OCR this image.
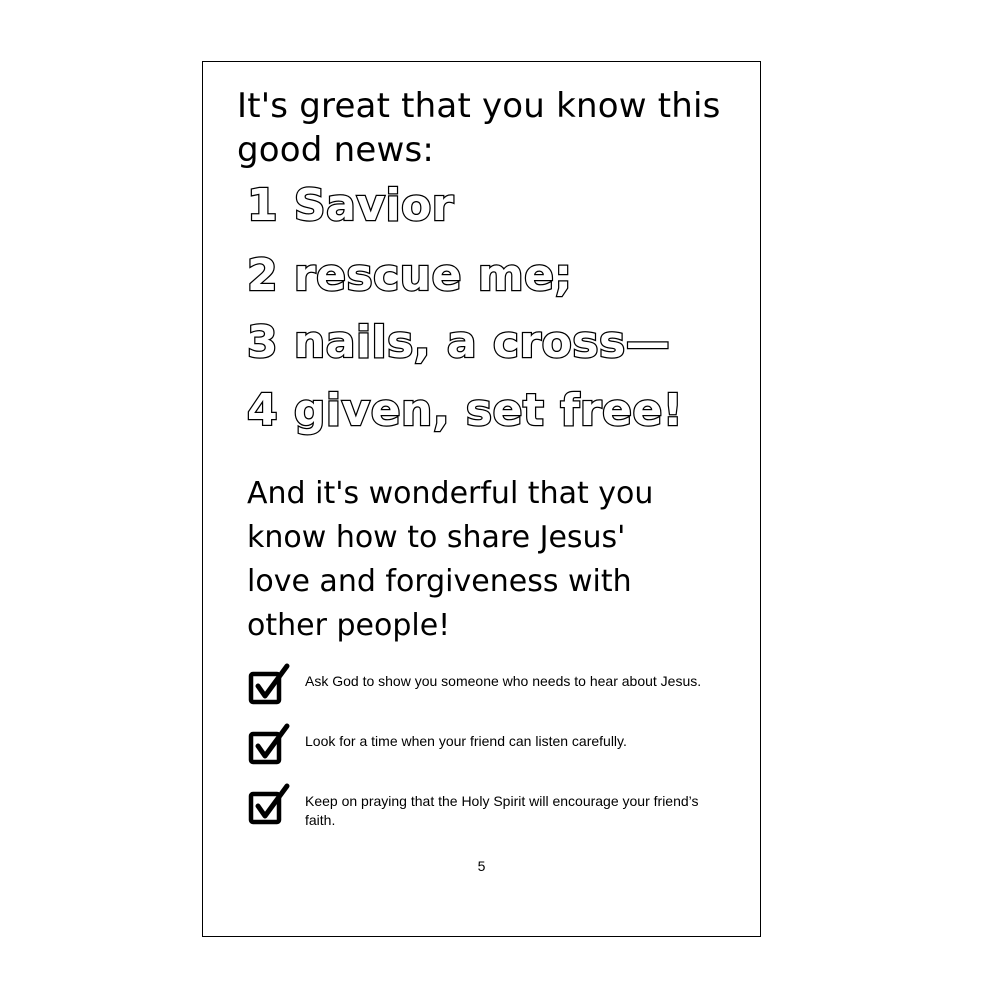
It's great that you know this
good news:

1 Savior

2 rescue me;

3 nails, a cross—

4 given, set free!

And it's wonderful that you
know how to share Jesus'
love and forgiveness with
other people!

Ask God to show you someone who needs to hear about Jesus.
Look for a time when your friend can listen carefully.
Keep on praying that the Holy Spirit will encourage your friend’s faith.
5
